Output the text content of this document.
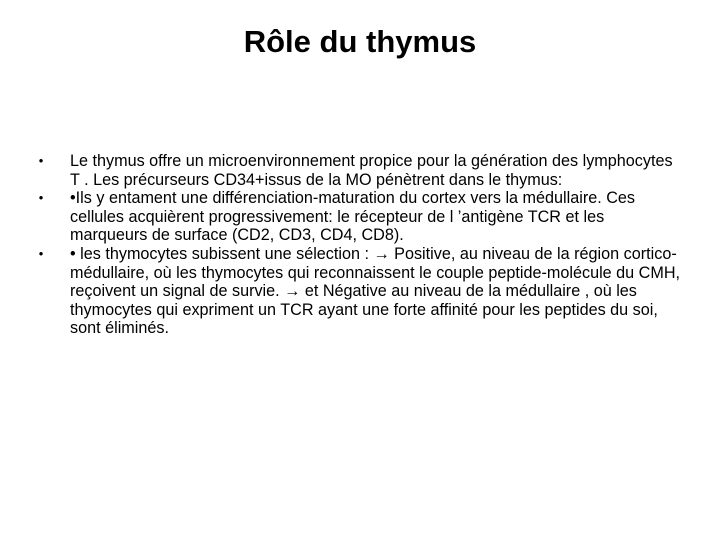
Rôle du thymus
• Le thymus offre un microenvironnement propice pour la génération des lymphocytes T . Les précurseurs CD34+issus de la MO pénètrent dans le thymus:
• •Ils y entament une différenciation-maturation du cortex vers la médullaire. Ces cellules acquièrent progressivement: le récepteur de l ’antigène TCR et les marqueurs de surface (CD2, CD3, CD4, CD8).
• • les thymocytes subissent une sélection : → Positive, au niveau de la région cortico-médullaire, où les thymocytes qui reconnaissent le couple peptide-molécule du CMH, reçoivent un signal de survie. → et Négative au niveau de la médullaire , où les thymocytes qui expriment un TCR ayant une forte affinité pour les peptides du soi, sont éliminés.
